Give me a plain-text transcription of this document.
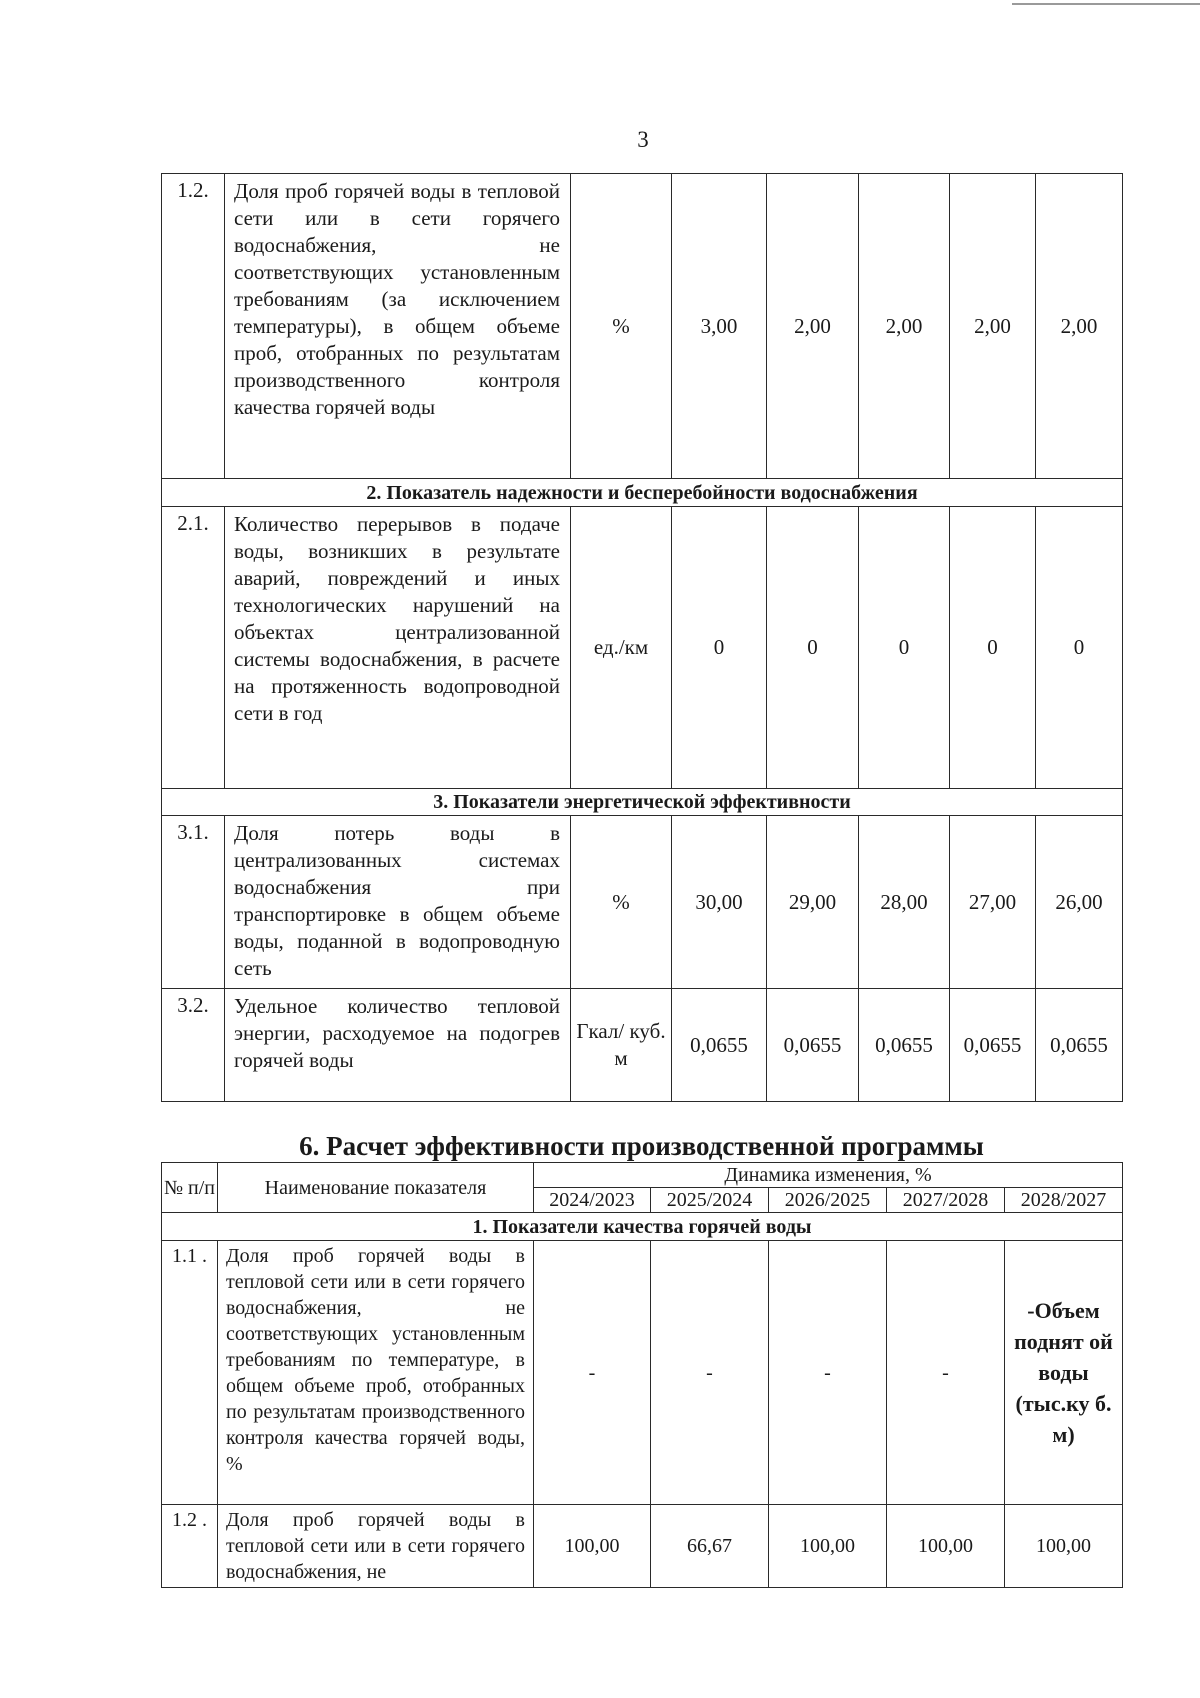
3
1.2.	Доля проб горячей воды в тепловой сети или в сети горячего водоснабжения, не соответствующих установленным требованиям (за исключением температуры), в общем объеме проб, отобранных по результатам производственного контроля качества горячей воды	%	3,00	2,00	2,00	2,00	2,00
2. Показатель надежности и бесперебойности водоснабжения							
2.1.	Количество перерывов в подаче воды, возникших в результате аварий, повреждений и иных технологических нарушений на объектах централизованной системы водоснабжения, в расчете на протяженность водопроводной сети в год	ед./км	0	0	0	0	0
3. Показатели энергетической эффективности							
3.1.	Доля потерь воды в централизованных системах водоснабжения при транспортировке в общем объеме воды, поданной в водопроводную сеть	%	30,00	29,00	28,00	27,00	26,00
3.2.	Удельное количество тепловой энергии, расходуемое на подогрев горячей воды	Гкал/ куб. м	0,0655	0,0655	0,0655	0,0655	0,0655
6. Расчет эффективности производственной программы
№ п/п	Наименование показателя	Динамика изменения, %				
		2024/2023	2025/2024	2026/2025	2027/2028	2028/2027
1. Показатели качества горячей воды						
1.1 .	Доля проб горячей воды в тепловой сети или в сети горячего водоснабжения, не соответствующих установленным требованиям по температуре, в общем объеме проб, отобранных по результатам производственного контроля качества горячей воды, %	-	-	-	-	-Объем поднят ой воды (тыс.ку б. м)
1.2 .	Доля проб горячей воды в тепловой сети или в сети горячего водоснабжения, не	100,00	66,67	100,00	100,00	100,00
